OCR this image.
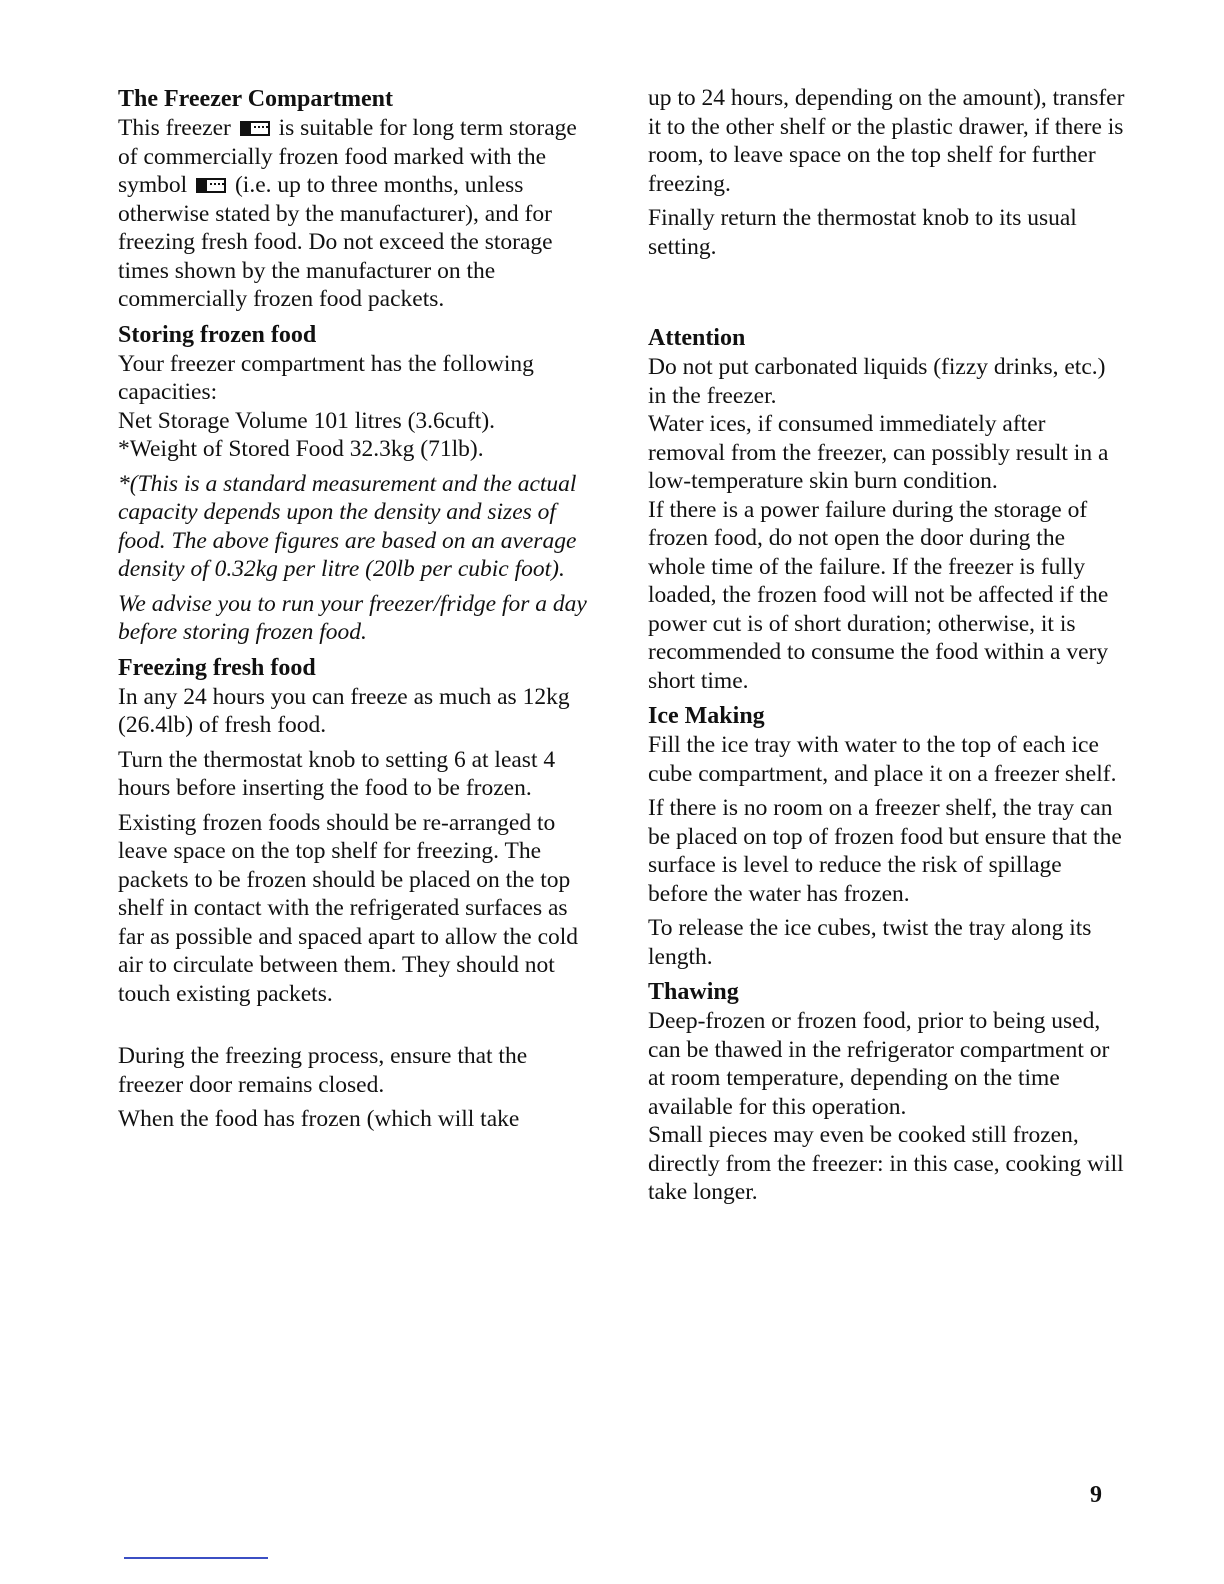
The Freezer Compartment

This freezer
is suitable for long term storage of commercially frozen food marked with the symbol
(i.e. up to three months, unless otherwise stated by the manufacturer), and for freezing fresh food. Do not exceed the storage times shown by the manufacturer on the commercially frozen food packets.

Storing frozen food

Your freezer compartment has the following capacities:

Net Storage Volume 101 litres (3.6cuft).

*Weight of Stored Food 32.3kg (71lb).

*(This is a standard measurement and the actual capacity depends upon the density and sizes of food. The above figures are based on an average density of 0.32kg per litre (20lb per cubic foot).

We advise you to run your freezer/fridge for a day before storing frozen food.

Freezing fresh food

In any 24 hours you can freeze as much as 12kg (26.4lb) of fresh food.

Turn the thermostat knob to setting 6 at least 4 hours before inserting the food to be frozen.

Existing frozen foods should be re-arranged to leave space on the top shelf for freezing. The packets to be frozen should be placed on the top shelf in contact with the refrigerated surfaces as far as possible and spaced apart to allow the cold air to circulate between them. They should not touch existing packets.

During the freezing process, ensure that the freezer door remains closed.

When the food has frozen (which will take

up to 24 hours, depending on the amount), transfer it to the other shelf or the plastic drawer, if there is room, to leave space on the top shelf for further freezing.

Finally return the thermostat knob to its usual setting.

Attention

Do not put carbonated liquids (fizzy drinks, etc.) in the freezer.

Water ices, if consumed immediately after removal from the freezer, can possibly result in a low-temperature skin burn condition.

If there is a power failure during the storage of frozen food, do not open the door during the whole time of the failure. If the freezer is fully loaded, the frozen food will not be affected if the power cut is of short duration; otherwise, it is recommended to consume the food within a very short time.

Ice Making

Fill the ice tray with water to the top of each ice cube compartment, and place it on a freezer shelf.

If there is no room on a freezer shelf, the tray can be placed on top of frozen food but ensure that the surface is level to reduce the risk of spillage before the water has frozen.

To release the ice cubes, twist the tray along its length.

Thawing

Deep-frozen or frozen food, prior to being used, can be thawed in the refrigerator compartment or at room temperature, depending on the time available for this operation.

Small pieces may even be cooked still frozen, directly from the freezer: in this case, cooking will take longer.

9
